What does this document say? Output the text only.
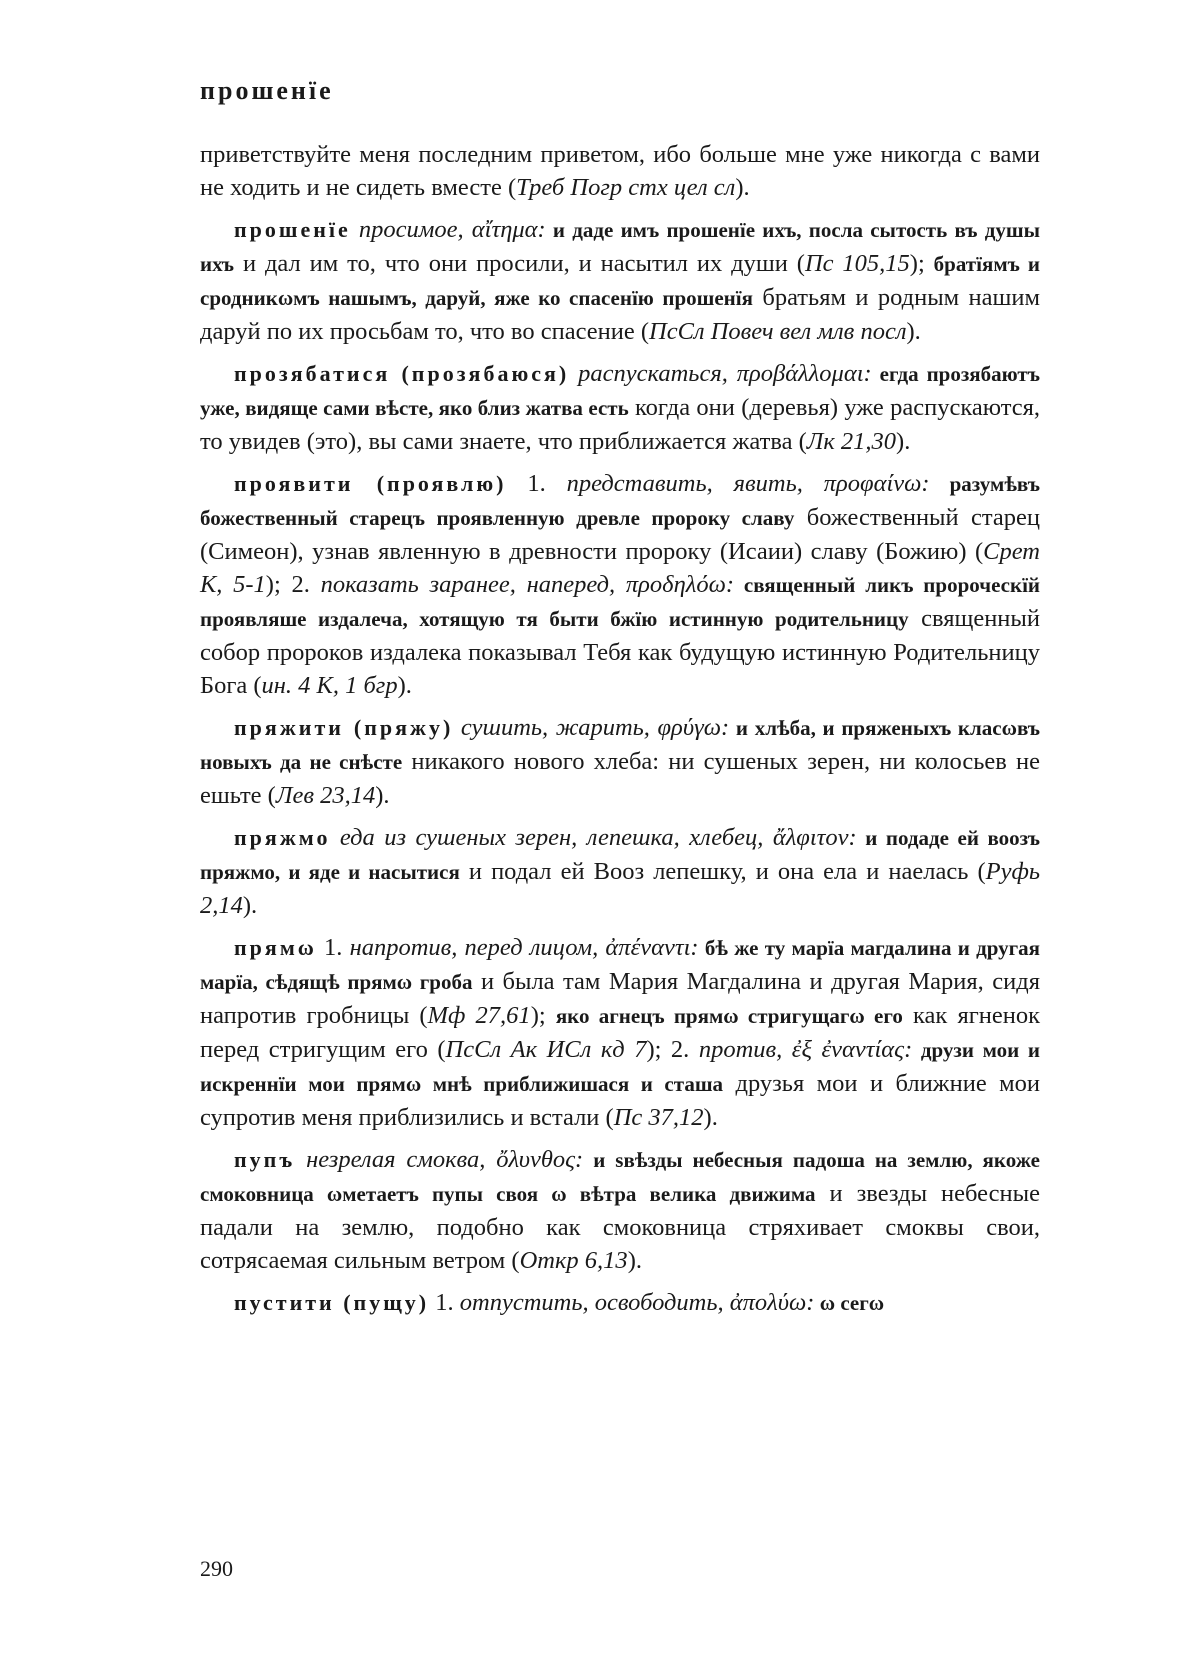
прошенїе

приветствуйте меня последним приветом, ибо больше мне уже никогда с вами не ходить и не сидеть вместе (Треб Погр стх цел сл).

прошенїе просимое, αἴτημα: и даде имъ прошенїе ихъ, посла сытость въ душы ихъ и дал им то, что они просили, и насытил их души (Пс 105,15); братїямъ и сродникωмъ нашымъ, даруй, яже ко спасенїю прошенїя братьям и родным нашим даруй по их просьбам то, что во спасение (ПсСл Повеч вел млв посл).

прозябатися (прозябаюся) распускаться, προβάλλομαι: егда прозябаютъ уже, видяще сами вѣсте, яко близ жатва есть когда они (деревья) уже распускаются, то увидев (это), вы сами знаете, что приближается жатва (Лк 21,30).

проявити (проявлю) 1. представить, явить, προφαίνω: разумѣвъ божественный старецъ проявленную древле пророку славу божественный старец (Симеон), узнав явленную в древности пророку (Исаии) славу (Божию) (Срет К, 5-1); 2. показать заранее, наперед, προδηλόω: священный ликъ пророческїй проявляше издалеча, хотящую тя быти бжїю истинную родительницу священный собор пророков издалека показывал Тебя как будущую истинную Родительницу Бога (ин. 4 К, 1 бгр).

пряжити (пряжу) сушить, жарить, φρύγω: и хлѣба, и пряженыхъ класωвъ новыхъ да не снѣсте никакого нового хлеба: ни сушеных зерен, ни колосьев не ешьте (Лев 23,14).

пряжмо еда из сушеных зерен, лепешка, хлебец, ἄλφιτον: и подаде ей воозъ пряжмо, и яде и насытися и подал ей Вооз лепешку, и она ела и наелась (Руфь 2,14).

прямω 1. напротив, перед лицом, ἀπέναντι: бѣ же ту марїа магдалина и другая марїа, сѣдящѣ прямω гроба и была там Мария Магдалина и другая Мария, сидя напротив гробницы (Мф 27,61); яко агнецъ прямω стригущагω его как ягненок перед стригущим его (ПсСл Ак ИСл кд 7); 2. против, ἐξ ἐναντίας: друзи мои и искреннїи мои прямω мнѣ приближишася и сташа друзья мои и ближние мои супротив меня приблизились и встали (Пс 37,12).

пупъ незрелая смоква, ὄλυνθος: и ѕвѣзды небесныя падоша на землю, якоже смоковница ωметаетъ пупы своя ω вѣтра велика движима и звезды небесные падали на землю, подобно как смоковница стряхивает смоквы свои, сотрясаемая сильным ветром (Откр 6,13).

пустити (пущу) 1. отпустить, освободить, ἀπολύω: ω сегω

290
